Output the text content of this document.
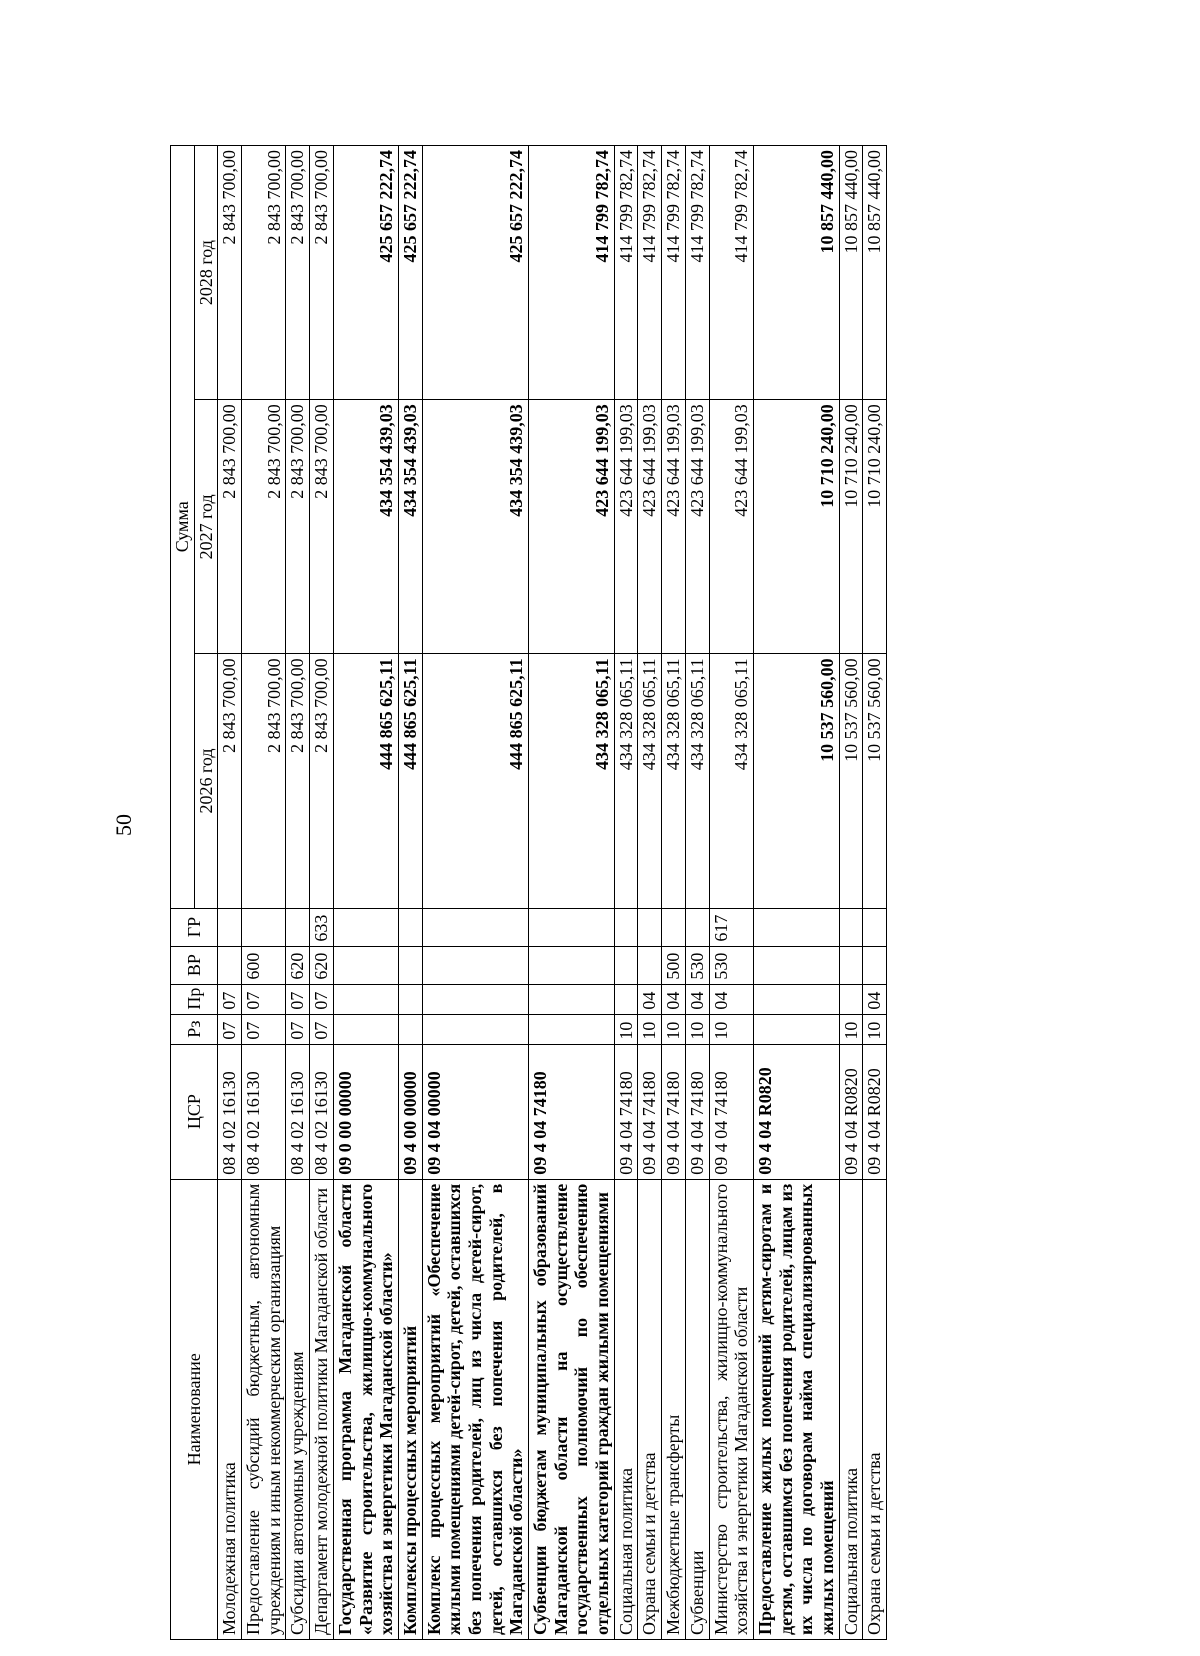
50
Наименование	ЦСР	Рз	Пр	ВР	ГР	Сумма		
						2026 год	2027 год	2028 год
Молодежная политика	08 4 02 16130	07	07			2 843 700,00	2 843 700,00	2 843 700,00
Предоставление субсидий бюджетным, автономным учреждениям и иным некоммерческим организациям	08 4 02 16130	07	07	600		2 843 700,00	2 843 700,00	2 843 700,00
Субсидии автономным учреждениям	08 4 02 16130	07	07	620		2 843 700,00	2 843 700,00	2 843 700,00
Департамент молодежной политики Магаданской области	08 4 02 16130	07	07	620	633	2 843 700,00	2 843 700,00	2 843 700,00
Государственная программа Магаданской области «Развитие строительства, жилищно-коммунального хозяйства и энергетики Магаданской области»	09 0 00 00000					444 865 625,11	434 354 439,03	425 657 222,74
Комплексы процессных мероприятий	09 4 00 00000					444 865 625,11	434 354 439,03	425 657 222,74
Комплекс процессных мероприятий «Обеспечение жилыми помещениями детей-сирот, детей, оставшихся без попечения родителей, лиц из числа детей-сирот, детей, оставшихся без попечения родителей, в Магаданской области»	09 4 04 00000					444 865 625,11	434 354 439,03	425 657 222,74
Субвенции бюджетам муниципальных образований Магаданской области на осуществление государственных полномочий по обеспечению отдельных категорий граждан жилыми помещениями	09 4 04 74180					434 328 065,11	423 644 199,03	414 799 782,74
Социальная политика	09 4 04 74180	10				434 328 065,11	423 644 199,03	414 799 782,74
Охрана семьи и детства	09 4 04 74180	10	04			434 328 065,11	423 644 199,03	414 799 782,74
Межбюджетные трансферты	09 4 04 74180	10	04	500		434 328 065,11	423 644 199,03	414 799 782,74
Субвенции	09 4 04 74180	10	04	530		434 328 065,11	423 644 199,03	414 799 782,74
Министерство строительства, жилищно-коммунального хозяйства и энергетики Магаданской области	09 4 04 74180	10	04	530	617	434 328 065,11	423 644 199,03	414 799 782,74
Предоставление жилых помещений детям-сиротам и детям, оставшимся без попечения родителей, лицам из их числа по договорам найма специализированных жилых помещений	09 4 04 R0820					10 537 560,00	10 710 240,00	10 857 440,00
Социальная политика	09 4 04 R0820	10				10 537 560,00	10 710 240,00	10 857 440,00
Охрана семьи и детства	09 4 04 R0820	10	04			10 537 560,00	10 710 240,00	10 857 440,00
